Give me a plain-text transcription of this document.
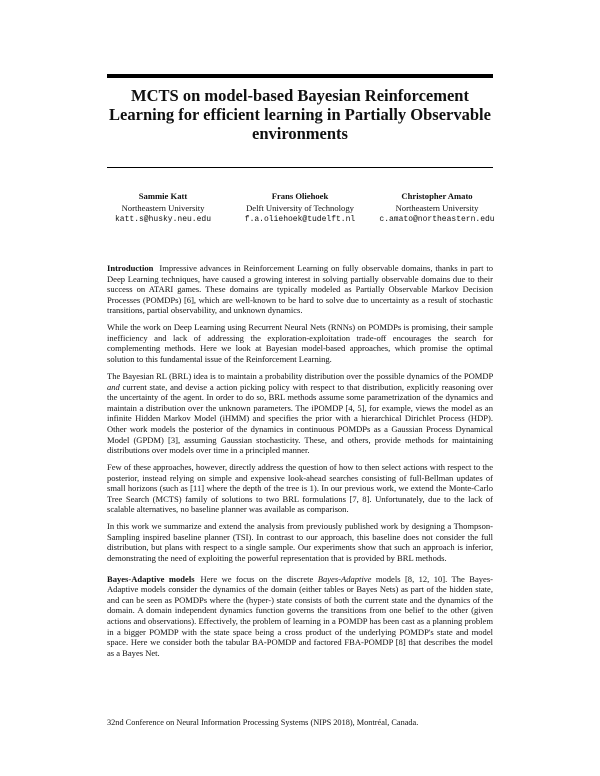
MCTS on model-based Bayesian Reinforcement Learning for efficient learning in Partially Observable environments
Sammie Katt
Northeastern University
katt.s@husky.neu.edu
Frans Oliehoek
Delft University of Technology
f.a.oliehoek@tudelft.nl
Christopher Amato
Northeastern University
c.amato@northeastern.edu

Introduction Impressive advances in Reinforcement Learning on fully observable domains, thanks in part to Deep Learning techniques, have caused a growing interest in solving partially observable domains due to their success on ATARI games. These domains are typically modeled as Partially Observable Markov Decision Processes (POMDPs) [6], which are well-known to be hard to solve due to uncertainty as a result of stochastic transitions, partial observability, and unknown dynamics.

While the work on Deep Learning using Recurrent Neural Nets (RNNs) on POMDPs is promising, their sample inefficiency and lack of addressing the exploration-exploitation trade-off encourages the search for complementing methods. Here we look at Bayesian model-based approaches, which promise the optimal solution to this fundamental issue of the Reinforcement Learning.

The Bayesian RL (BRL) idea is to maintain a probability distribution over the possible dynamics of the POMDP and current state, and devise a action picking policy with respect to that distribution, explicitly reasoning over the uncertainty of the agent. In order to do so, BRL methods assume some parametrization of the dynamics and maintain a distribution over the unknown parameters. The iPOMDP [4, 5], for example, views the model as an infinite Hidden Markov Model (iHMM) and specifies the prior with a hierarchical Dirichlet Process (HDP). Other work models the posterior of the dynamics in continuous POMDPs as a Gaussian Process Dynamical Model (GPDM) [3], assuming Gaussian stochasticity. These, and others, provide methods for maintaining distributions over models over time in a principled manner.

Few of these approaches, however, directly address the question of how to then select actions with respect to the posterior, instead relying on simple and expensive look-ahead searches consisting of full-Bellman updates of small horizons (such as [11] where the depth of the tree is 1). In our previous work, we extend the Monte-Carlo Tree Search (MCTS) family of solutions to two BRL formulations [7, 8]. Unfortunately, due to the lack of scalable alternatives, no baseline planner was available as comparison.

In this work we summarize and extend the analysis from previously published work by designing a Thompson-Sampling inspired baseline planner (TSI). In contrast to our approach, this baseline does not consider the full distribution, but plans with respect to a single sample. Our experiments show that such an approach is inferior, demonstrating the need of exploiting the powerful representation that is provided by BRL methods.

Bayes-Adaptive models Here we focus on the discrete Bayes-Adaptive models [8, 12, 10]. The Bayes-Adaptive models consider the dynamics of the domain (either tables or Bayes Nets) as part of the hidden state, and can be seen as POMDPs where the (hyper-) state consists of both the current state and the dynamics of the domain. A domain independent dynamics function governs the transitions from one belief to the other (given actions and observations). Effectively, the problem of learning in a POMDP has been cast as a planning problem in a bigger POMDP with the state space being a cross product of the underlying POMDP's state and model space. Here we consider both the tabular BA-POMDP and factored FBA-POMDP [8] that describes the model as a Bayes Net.

32nd Conference on Neural Information Processing Systems (NIPS 2018), Montréal, Canada.
